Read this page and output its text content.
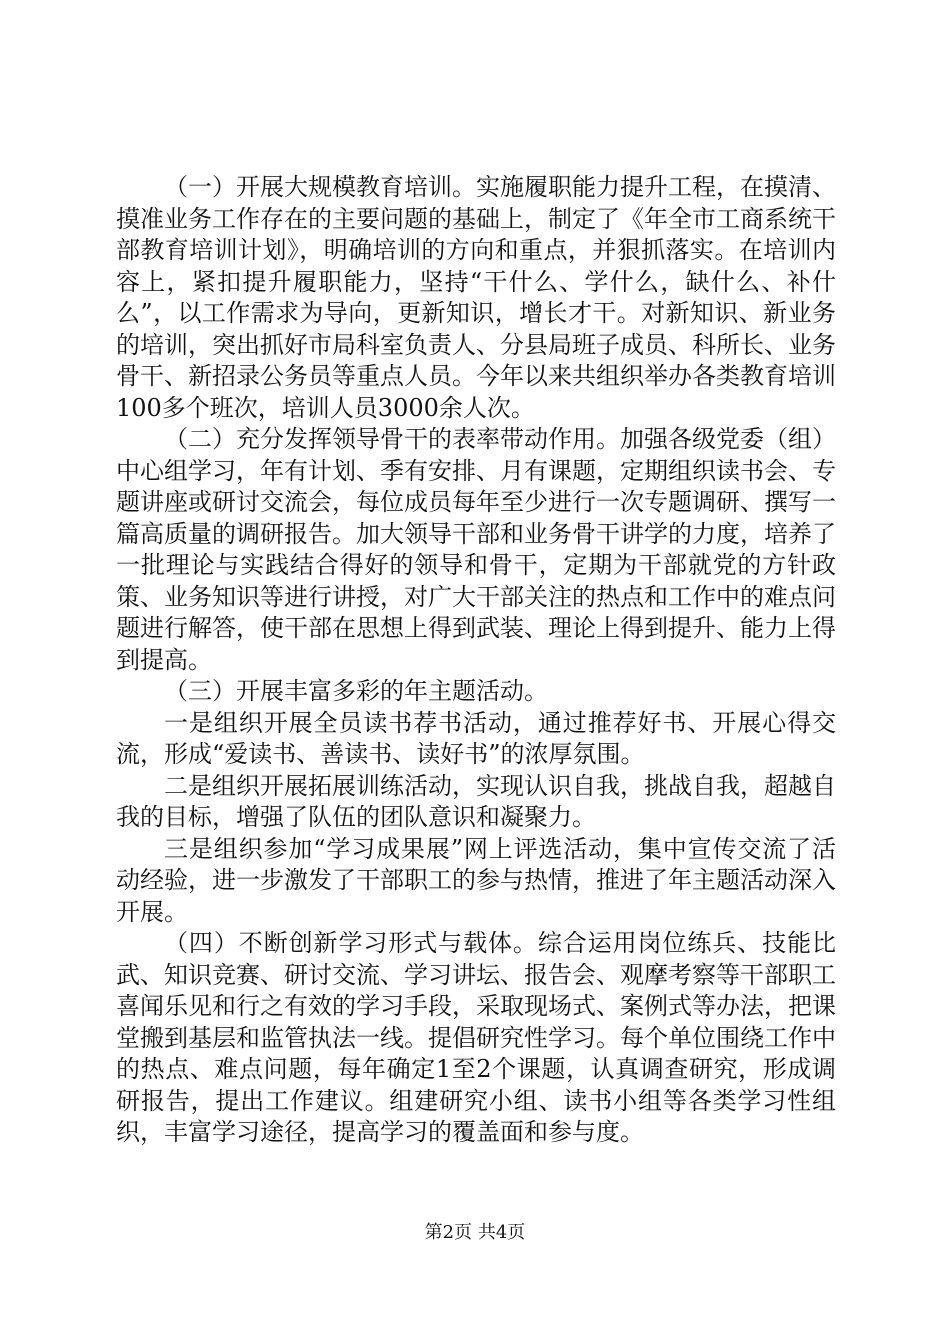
（一）开展大规模教育培训。实施履职能力提升工程，在摸清、摸准业务工作存在的主要问题的基础上，制定了《年全市工商系统干部教育培训计划》，明确培训的方向和重点，并狠抓落实。在培训内容上，紧扣提升履职能力，坚持“干什么、学什么，缺什么、补什么”，以工作需求为导向，更新知识，增长才干。对新知识、新业务的培训，突出抓好市局科室负责人、分县局班子成员、科所长、业务骨干、新招录公务员等重点人员。今年以来共组织举办各类教育培训100多个班次，培训人员3000余人次。

（二）充分发挥领导骨干的表率带动作用。加强各级党委（组）中心组学习，年有计划、季有安排、月有课题，定期组织读书会、专题讲座或研讨交流会，每位成员每年至少进行一次专题调研、撰写一篇高质量的调研报告。加大领导干部和业务骨干讲学的力度，培养了一批理论与实践结合得好的领导和骨干，定期为干部就党的方针政策、业务知识等进行讲授，对广大干部关注的热点和工作中的难点问题进行解答，使干部在思想上得到武装、理论上得到提升、能力上得到提高。

（三）开展丰富多彩的年主题活动。

一是组织开展全员读书荐书活动，通过推荐好书、开展心得交流，形成“爱读书、善读书、读好书”的浓厚氛围。

二是组织开展拓展训练活动，实现认识自我，挑战自我，超越自我的目标，增强了队伍的团队意识和凝聚力。

三是组织参加“学习成果展”网上评选活动，集中宣传交流了活动经验，进一步激发了干部职工的参与热情，推进了年主题活动深入开展。

（四）不断创新学习形式与载体。综合运用岗位练兵、技能比武、知识竞赛、研讨交流、学习讲坛、报告会、观摩考察等干部职工喜闻乐见和行之有效的学习手段，采取现场式、案例式等办法，把课堂搬到基层和监管执法一线。提倡研究性学习。每个单位围绕工作中的热点、难点问题，每年确定1至2个课题，认真调查研究，形成调研报告，提出工作建议。组建研究小组、读书小组等各类学习性组织，丰富学习途径，提高学习的覆盖面和参与度。

第2页 共4页
